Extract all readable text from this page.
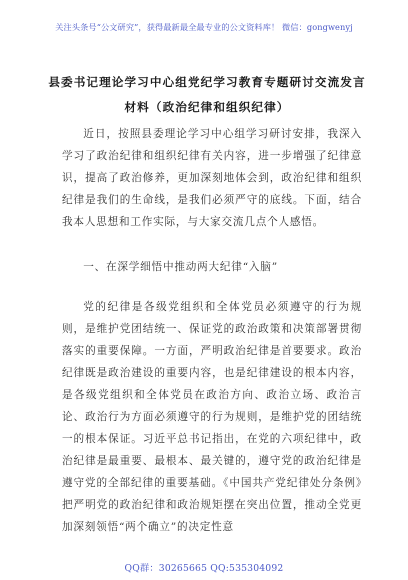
关注头条号“公文研究”，获得最新最全最专业的公文资料库！ 微信：gongwenyj
县委书记理论学习中心组党纪学习教育专题研讨交流发言材料（政治纪律和组织纪律）
近日，按照县委理论学习中心组学习研讨安排，我深入学习了政治纪律和组织纪律有关内容，进一步增强了纪律意识，提高了政治修养，更加深刻地体会到，政治纪律和组织纪律是我们的生命线，是我们必须严守的底线。下面，结合我本人思想和工作实际，与大家交流几点个人感悟。
一、在深学细悟中推动两大纪律“入脑”
党的纪律是各级党组织和全体党员必须遵守的行为规则，是维护党团结统一、保证党的政治政策和决策部署贯彻落实的重要保障。一方面，严明政治纪律是首要要求。政治纪律既是政治建设的重要内容，也是纪律建设的根本内容，是各级党组织和全体党员在政治方向、政治立场、政治言论、政治行为方面必须遵守的行为规则，是维护党的团结统一的根本保证。习近平总书记指出，在党的六项纪律中，政治纪律是最重要、最根本、最关键的，遵守党的政治纪律是遵守党的全部纪律的重要基础。《中国共产党纪律处分条例》把严明党的政治纪律和政治规矩摆在突出位置，推动全党更加深刻领悟“两个确立”的决定性意
QQ群：30265665 QQ:535304092
